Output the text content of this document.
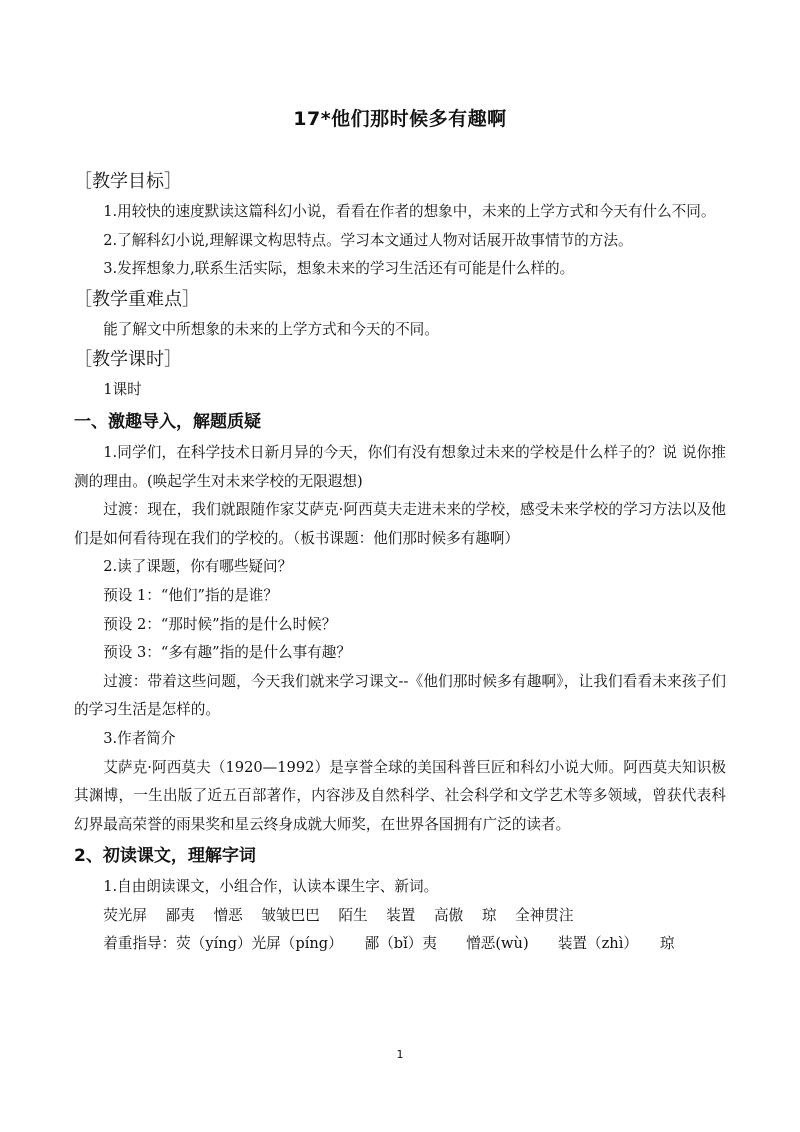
17*他们那时候多有趣啊
［教学目标］

1.用较快的速度默读这篇科幻小说，看看在作者的想象中，未来的上学方式和今天有什么不同。

2.了解科幻小说,理解课文构思特点。学习本文通过人物对话展开故事情节的方法。

3.发挥想象力,联系生活实际，想象未来的学习生活还有可能是什么样的。

［教学重难点］

能了解文中所想象的未来的上学方式和今天的不同。

［教学课时］

1课时

一、激趣导入，解题质疑

1.同学们，在科学技术日新月异的今天，你们有没有想象过未来的学校是什么样子的？说 说你推测的理由。(唤起学生对未来学校的无限遐想)

过渡：现在，我们就跟随作家艾萨克·阿西莫夫走进未来的学校，感受未来学校的学习方法以及他们是如何看待现在我们的学校的。（板书课题：他们那时候多有趣啊）

2.读了课题，你有哪些疑问？

预设 1：“他们”指的是谁？

预设 2：“那时候”指的是什么时候？

预设 3：“多有趣”指的是什么事有趣？

过渡：带着这些问题，今天我们就来学习课文--《他们那时候多有趣啊》，让我们看看未来孩子们的学习生活是怎样的。

3.作者简介

艾萨克·阿西莫夫（1920—1992）是享誉全球的美国科普巨匠和科幻小说大师。阿西莫夫知识极其渊博，一生出版了近五百部著作，内容涉及自然科学、社会科学和文学艺术等多领域，曾获代表科幻界最高荣誉的雨果奖和星云终身成就大师奖，在世界各国拥有广泛的读者。

2、初读课文，理解字词

1.自由朗读课文，小组合作，认读本课生字、新词。

荧光屏 鄙夷 憎恶 皱皱巴巴 陌生 装置 高傲 琼 全神贯注
着重指导：荧（yíng）光屏（píng）　　鄙（bǐ）夷　　憎恶(wù)　　装置（zhì）　　琼
1
